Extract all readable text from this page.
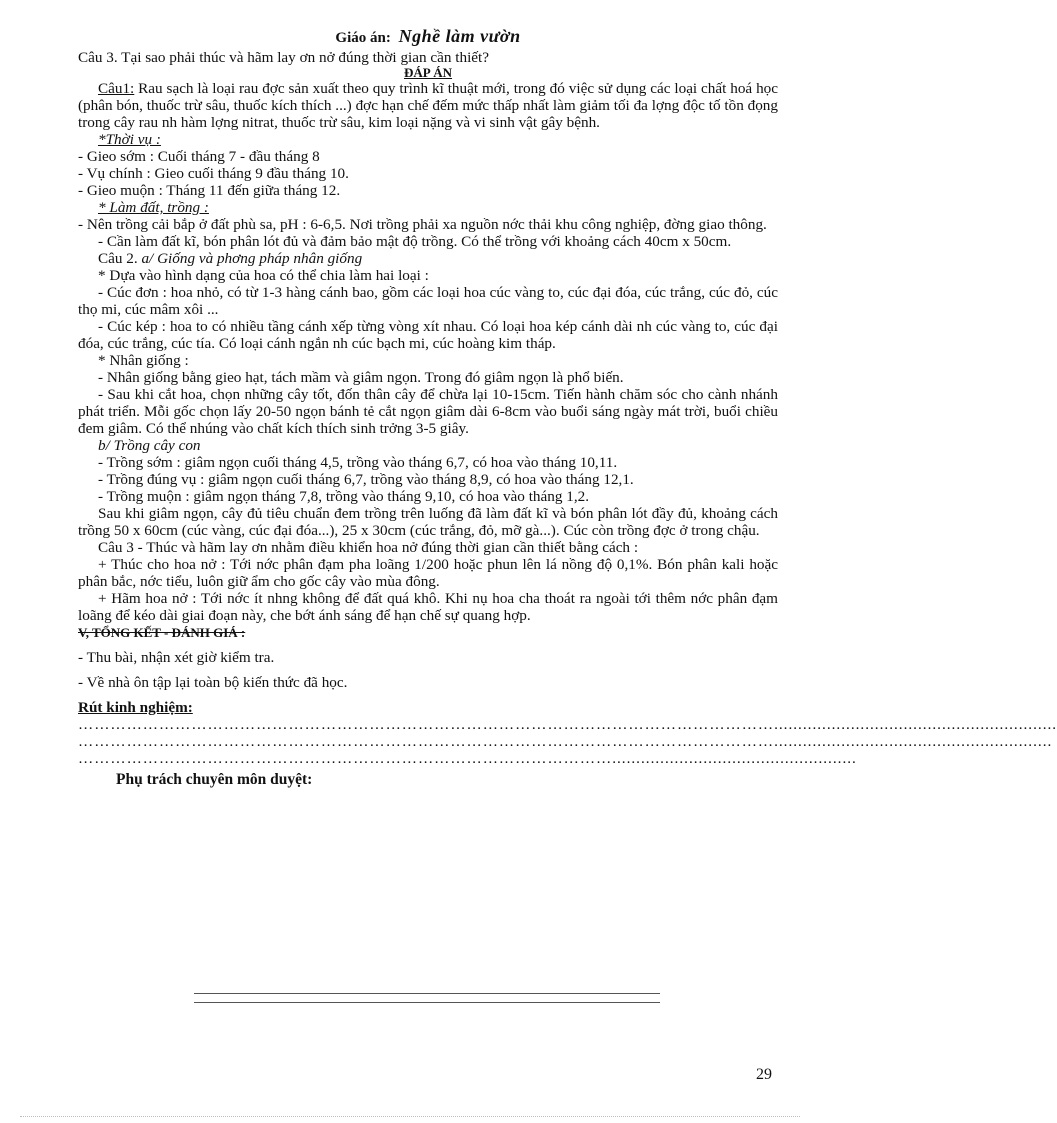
Giáo án: Nghề làm vườn

Câu 3. Tại sao phải thúc và hãm lay ơn nở đúng thời gian cần thiết?

ĐÁP ÁN

Câu1: Rau sạch là loại rau đợc sản xuất theo quy trình kĩ thuật mới, trong đó việc sử dụng các loại chất hoá học (phân bón, thuốc trừ sâu, thuốc kích thích ...) đợc hạn chế đếm mức thấp nhất làm giảm tối đa lợng độc tố tồn đọng trong cây rau nh hàm lợng nitrat, thuốc trừ sâu, kim loại nặng và vi sinh vật gây bệnh.

*Thời vụ :

- Gieo sớm : Cuối tháng 7 - đầu tháng 8

- Vụ chính : Gieo cuối tháng 9 đầu tháng 10.

- Gieo muộn : Tháng 11 đến giữa tháng 12.

* Làm đất, trồng :

- Nên trồng cải bắp ở đất phù sa, pH : 6-6,5. Nơi trồng phải xa nguồn nớc thải khu công nghiệp, đờng giao thông.

- Cần làm đất kĩ, bón phân lót đủ và đảm bảo mật độ trồng. Có thể trồng với khoảng cách 40cm x 50cm.

Câu 2. a/ Giống và phơng pháp nhân giống

* Dựa vào hình dạng của hoa có thể chia làm hai loại :

- Cúc đơn : hoa nhỏ, có từ 1-3 hàng cánh bao, gồm các loại hoa cúc vàng to, cúc đại đóa, cúc trắng, cúc đỏ, cúc thọ mi, cúc mâm xôi ...

- Cúc kép : hoa to có nhiều tầng cánh xếp từng vòng xít nhau. Có loại hoa kép cánh dài nh cúc vàng to, cúc đại đóa, cúc trắng, cúc tía. Có loại cánh ngắn nh cúc bạch mi, cúc hoàng kim tháp.

* Nhân giống :

- Nhân giống bằng gieo hạt, tách mầm và giâm ngọn. Trong đó giâm ngọn là phổ biến.

- Sau khi cắt hoa, chọn những cây tốt, đốn thân cây để chừa lại 10-15cm. Tiến hành chăm sóc cho cành nhánh phát triển. Mỗi gốc chọn lấy 20-50 ngọn bánh tẻ cắt ngọn giâm dài 6-8cm vào buổi sáng ngày mát trời, buổi chiều đem giâm. Có thể nhúng vào chất kích thích sinh trởng 3-5 giây.

b/ Trồng cây con

- Trồng sớm : giâm ngọn cuối tháng 4,5, trồng vào tháng 6,7, có hoa vào tháng 10,11.

- Trồng đúng vụ : giâm ngọn cuối tháng 6,7, trồng vào tháng 8,9, có hoa vào tháng 12,1.

- Trồng muộn : giâm ngọn tháng 7,8, trồng vào tháng 9,10, có hoa vào tháng 1,2.

Sau khi giâm ngọn, cây đủ tiêu chuẩn đem trồng trên luống đã làm đất kĩ và bón phân lót đầy đủ, khoảng cách trồng 50 x 60cm (cúc vàng, cúc đại đóa...), 25 x 30cm (cúc trắng, đỏ, mỡ gà...). Cúc còn trồng đợc ở trong chậu.

Câu 3 - Thúc và hãm lay ơn nhằm điều khiển hoa nở đúng thời gian cần thiết bằng cách :

+ Thúc cho hoa nở : Tới nớc phân đạm pha loãng 1/200 hoặc phun lên lá nồng độ 0,1%. Bón phân kali hoặc phân bắc, nớc tiểu, luôn giữ ẩm cho gốc cây vào mùa đông.

+ Hãm hoa nở : Tới nớc ít nhng không để đất quá khô. Khi nụ hoa cha thoát ra ngoài tới thêm nớc phân đạm loãng để kéo dài giai đoạn này, che bớt ánh sáng để hạn chế sự quang hợp.

V, TỔNG KẾT - ĐÁNH GIÁ :

- Thu bài, nhận xét giờ kiểm tra.

- Về nhà ôn tập lại toàn bộ kiến thức đã học.

Rút kinh nghiệm:

…………………………………………………………………………………………………………………...........................................................
…………………………………………………………………………………………………………………..........................................................
………………………………………………………………………………………...................................................

Phụ trách chuyên môn duyệt:

29
